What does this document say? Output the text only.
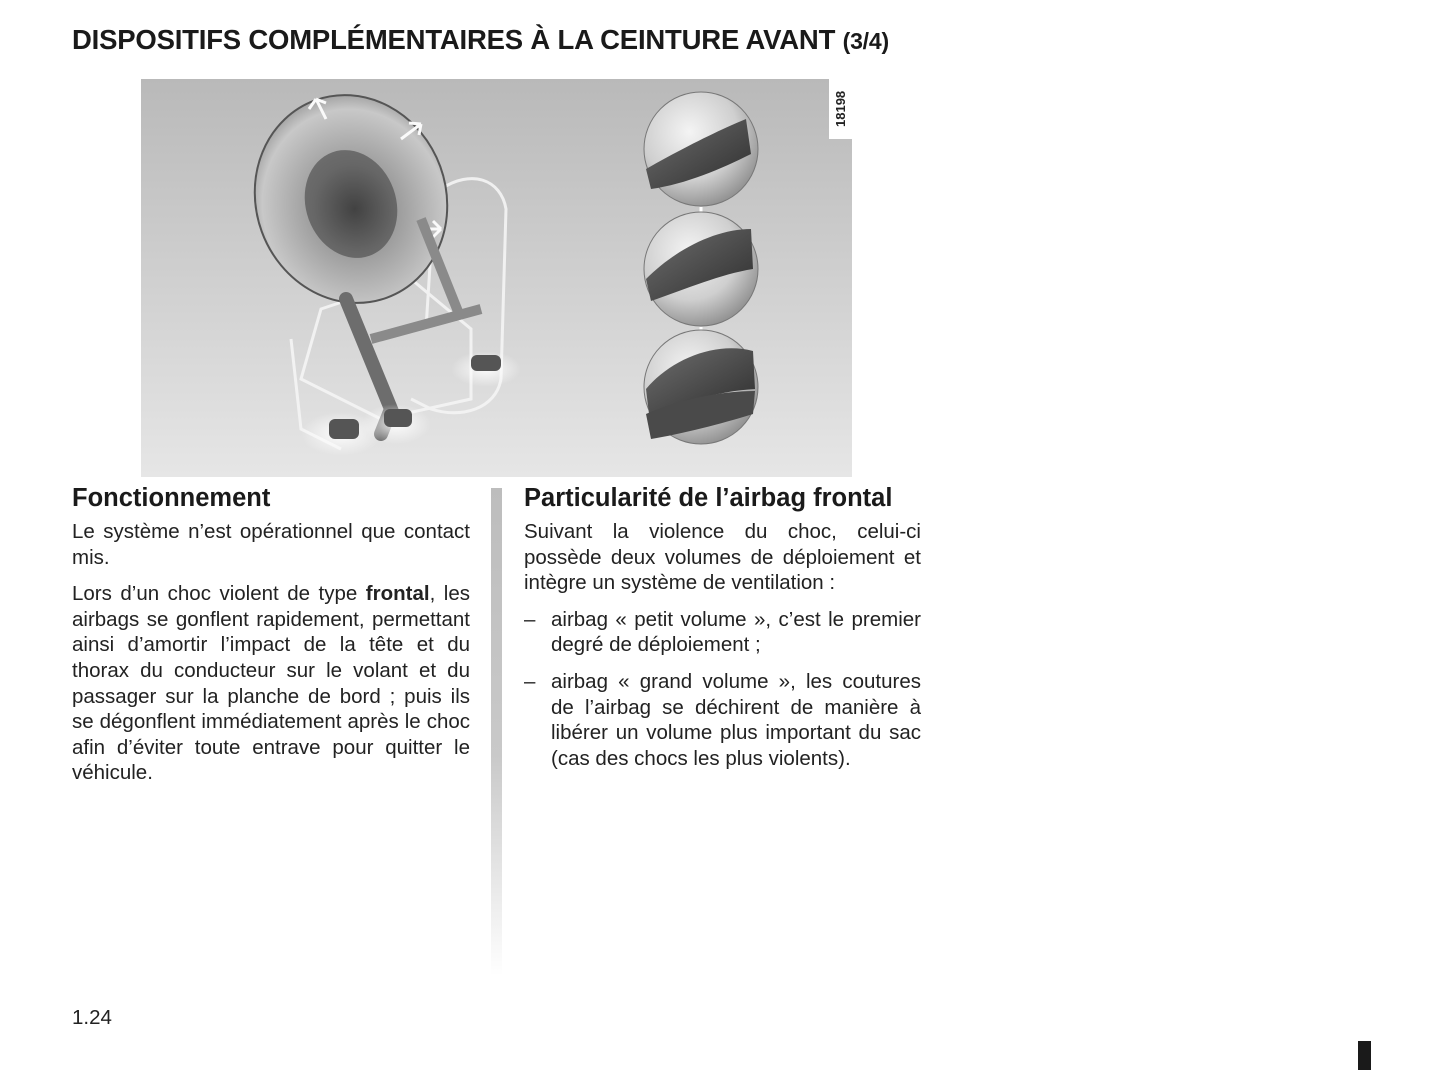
DISPOSITIFS COMPLÉMENTAIRES À LA CEINTURE AVANT (3/4)
18198
Fonctionnement

Le système n’est opérationnel que contact mis.

Lors d’un choc violent de type frontal, les airbags se gonflent rapidement, permettant ainsi d’amortir l’impact de la tête et du thorax du conducteur sur le volant et du passager sur la planche de bord ; puis ils se dégonflent immédiatement après le choc afin d’éviter toute entrave pour quitter le véhicule.

Particularité de l’airbag frontal

Suivant la violence du choc, celui-ci possède deux volumes de déploiement et intègre un système de ventilation :

– airbag « petit volume », c’est le premier degré de déploiement ;
– airbag « grand volume », les coutures de l’airbag se déchirent de manière à libérer un volume plus important du sac (cas des chocs les plus violents).
1.24
